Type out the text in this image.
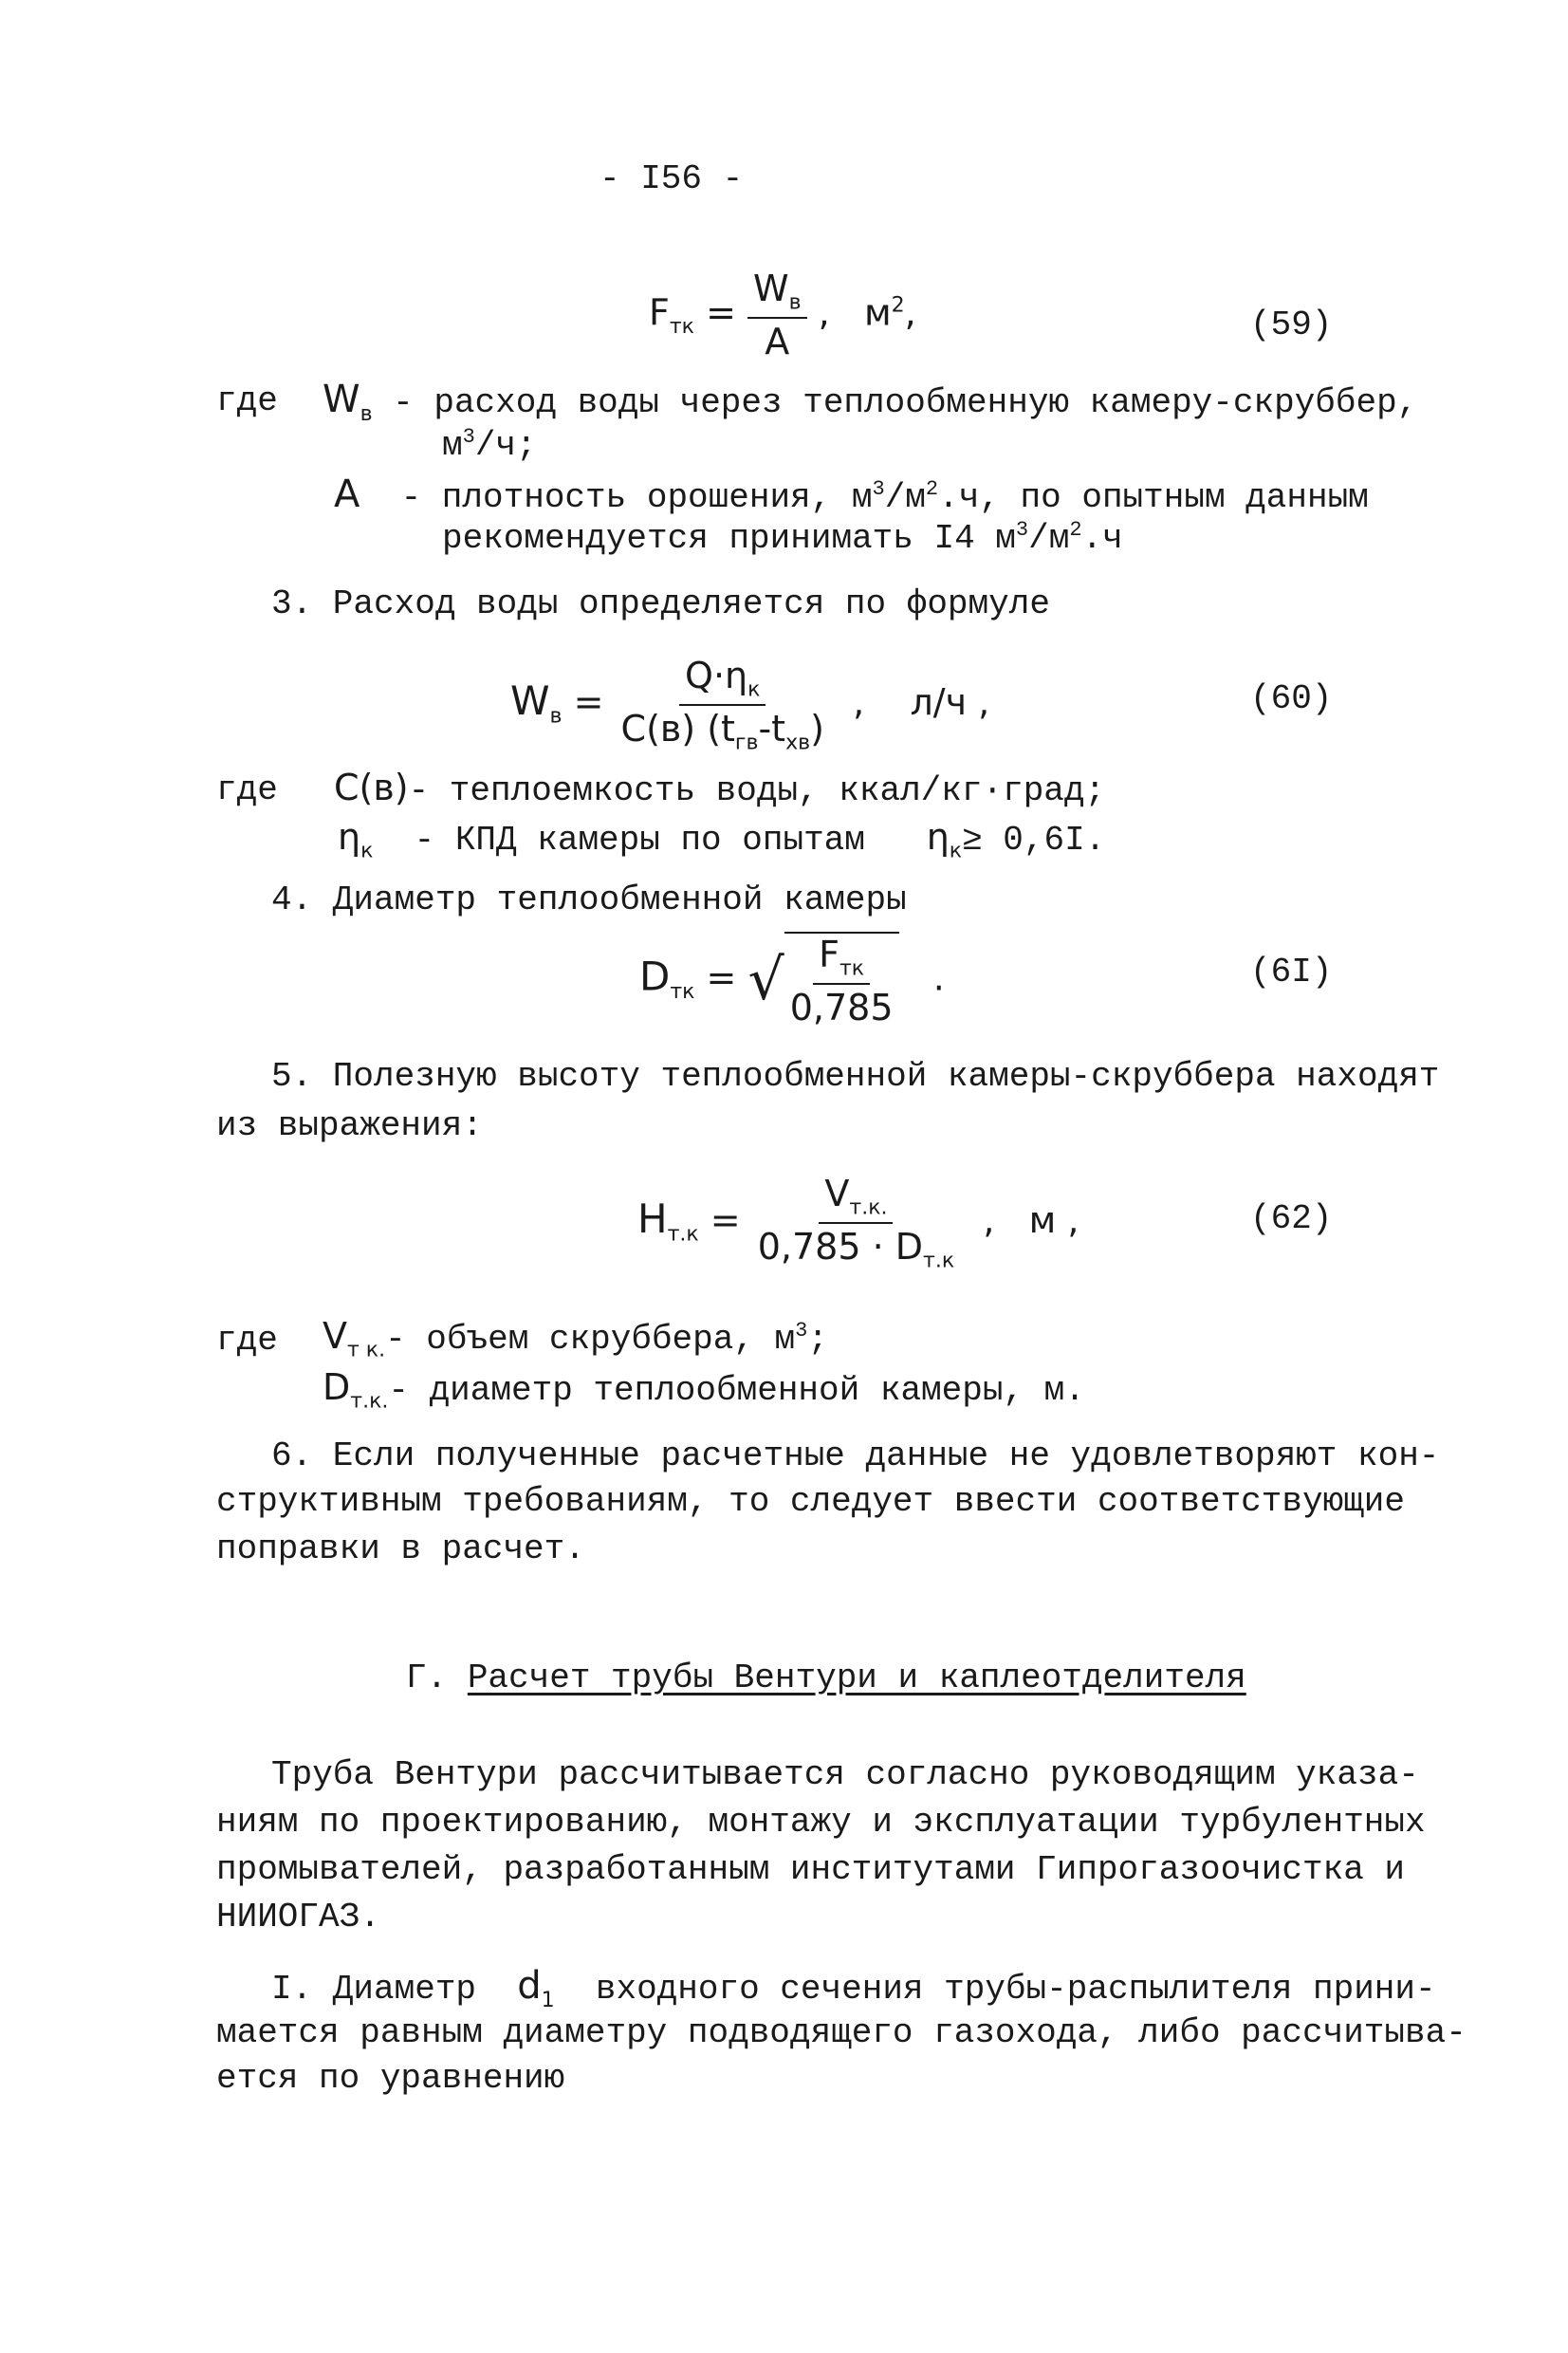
- I56 -
$F_{тк} = \frac{W_в}{A}$ , $м^2$,	(59)
где $W_в$ - расход воды через теплообменную камеру-скруббер,
$м^3/ч$;
A - плотность орошения, $м^3/м^2.ч$, по опытным данным
рекомендуется принимать I4 $м^3/м^2.ч$
3. Расход воды определяется по формуле
$W_в = \frac{Q\cdot\eta_к}{C(в) (t_{гв}-t_{хв})}$ , л/ч ,	(60)
где C(в)- теплоемкость воды, ккал/кг·град;
$\eta_к$ - КПД камеры по опытам $\eta_к\ge 0,6I$.
4. Диаметр теплообменной камеры
$D_{тк}$ = √ $\frac{F_{тк}}{0,785}$ .	(6I)
5. Полезную высоту теплообменной камеры-скруббера находят
из выражения:
$H_{т.к} = \frac{V_{т.к.}}{0,785 \cdot D_{т.к}}$ , м ,	(62)
где $V_{т к.}-$ объем скруббера, $м^3$;
$D_{т.к.}-$ диаметр теплообменной камеры, м.
6. Если полученные расчетные данные не удовлетворяют кон-
структивным требованиям, то следует ввести соответствующие
поправки в расчет.
Г. Расчет трубы Вентури и каплеотделителя
Труба Вентури рассчитывается согласно руководящим указа-
ниям по проектированию, монтажу и эксплуатации турбулентных
промывателей, разработанным институтами Гипрогазоочистка и
НИИОГАЗ.
I. Диаметр $d_1$ входного сечения трубы-распылителя прини-
мается равным диаметру подводящего газохода, либо рассчитыва-
ется по уравнению
